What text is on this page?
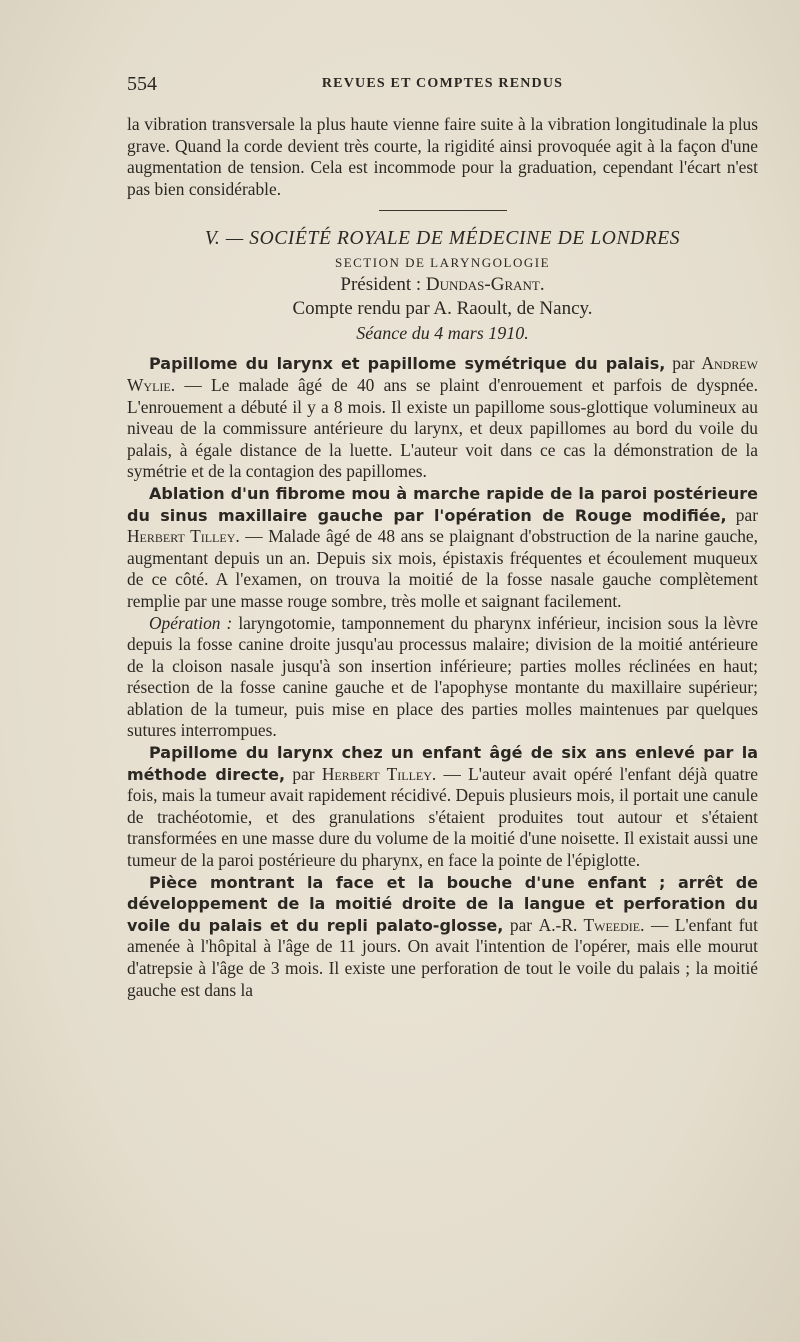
554	REVUES ET COMPTES RENDUS

la vibration transversale la plus haute vienne faire suite à la vibration longitudinale la plus grave. Quand la corde devient très courte, la rigidité ainsi provoquée agit à la façon d'une augmentation de tension. Cela est incommode pour la graduation, cependant l'écart n'est pas bien considérable.

V. — SOCIÉTÉ ROYALE DE MÉDECINE DE LONDRES

SECTION DE LARYNGOLOGIE

Président : Dundas-Grant.

Compte rendu par A. Raoult, de Nancy.

Séance du 4 mars 1910.

Papillome du larynx et papillome symétrique du palais, par Andrew Wylie. — Le malade âgé de 40 ans se plaint d'enrouement et parfois de dyspnée. L'enrouement a débuté il y a 8 mois. Il existe un papillome sous-glottique volumineux au niveau de la commissure antérieure du larynx, et deux papillomes au bord du voile du palais, à égale distance de la luette. L'auteur voit dans ce cas la démonstration de la symétrie et de la contagion des papillomes.

Ablation d'un fibrome mou à marche rapide de la paroi postérieure du sinus maxillaire gauche par l'opération de Rouge modifiée, par Herbert Tilley. — Malade âgé de 48 ans se plaignant d'obstruction de la narine gauche, augmentant depuis un an. Depuis six mois, épistaxis fréquentes et écoulement muqueux de ce côté. A l'examen, on trouva la moitié de la fosse nasale gauche complètement remplie par une masse rouge sombre, très molle et saignant facilement.

Opération : laryngotomie, tamponnement du pharynx inférieur, incision sous la lèvre depuis la fosse canine droite jusqu'au processus malaire; division de la moitié antérieure de la cloison nasale jusqu'à son insertion inférieure; parties molles réclinées en haut; résection de la fosse canine gauche et de l'apophyse montante du maxillaire supérieur; ablation de la tumeur, puis mise en place des parties molles maintenues par quelques sutures interrompues.

Papillome du larynx chez un enfant âgé de six ans enlevé par la méthode directe, par Herbert Tilley. — L'auteur avait opéré l'enfant déjà quatre fois, mais la tumeur avait rapidement récidivé. Depuis plusieurs mois, il portait une canule de trachéotomie, et des granulations s'étaient produites tout autour et s'étaient transformées en une masse dure du volume de la moitié d'une noisette. Il existait aussi une tumeur de la paroi postérieure du pharynx, en face la pointe de l'épiglotte.

Pièce montrant la face et la bouche d'une enfant ; arrêt de développement de la moitié droite de la langue et perforation du voile du palais et du repli palato-glosse, par A.-R. Tweedie. — L'enfant fut amenée à l'hôpital à l'âge de 11 jours. On avait l'intention de l'opérer, mais elle mourut d'atrepsie à l'âge de 3 mois. Il existe une perforation de tout le voile du palais ; la moitié gauche est dans la
